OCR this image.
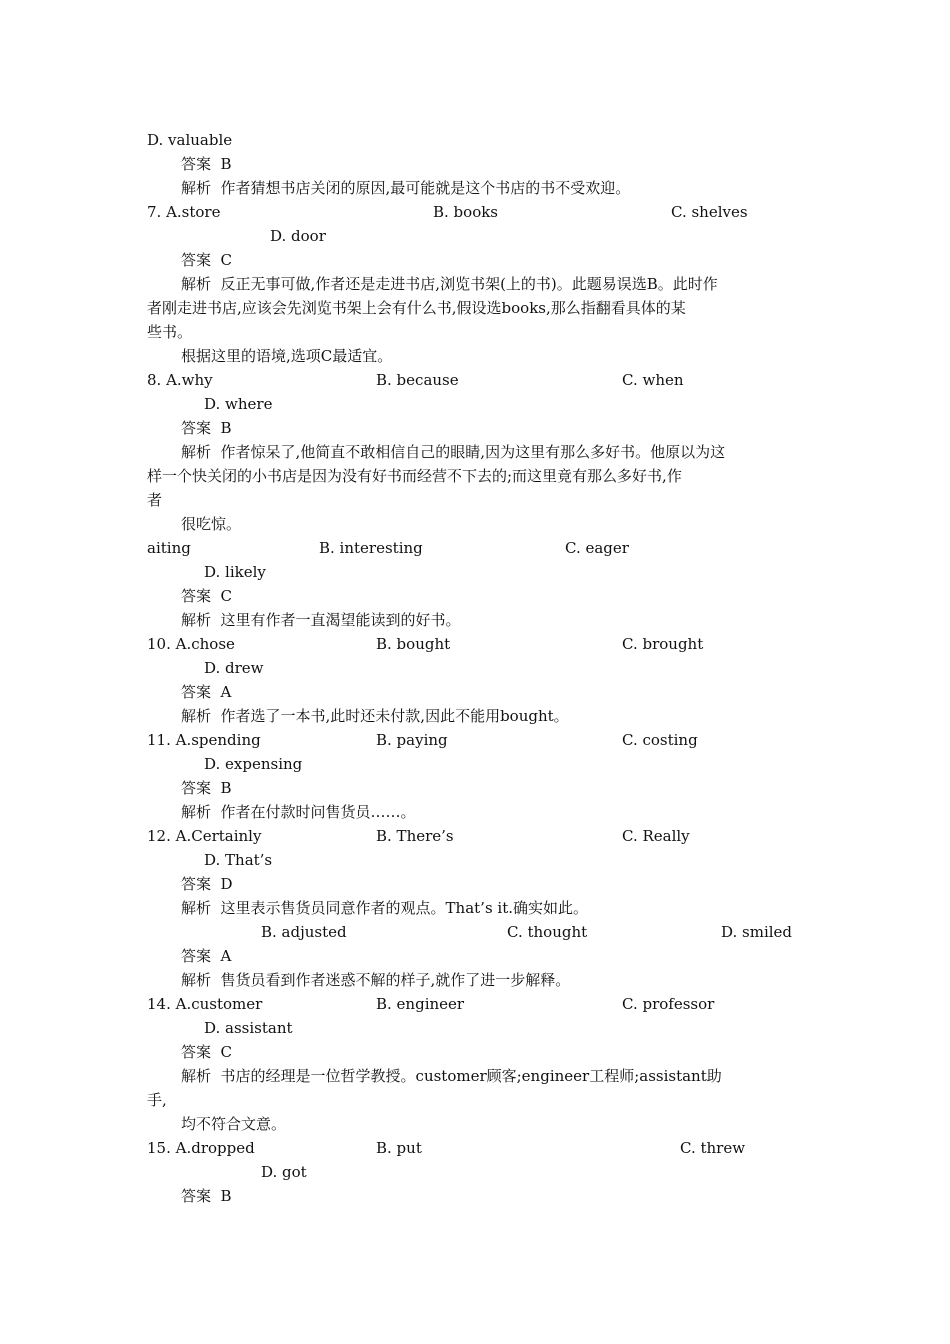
D. valuable
答案  B
解析  作者猜想书店关闭的原因,最可能就是这个书店的书不受欢迎。
7. A.store	B. books	C. shelves
D. door
答案  C
解析  反正无事可做,作者还是走进书店,浏览书架(上的书)。此题易误选B。此时作
者刚走进书店,应该会先浏览书架上会有什么书,假设选books,那么指翻看具体的某
些书。
根据这里的语境,选项C最适宜。
8. A.why	B. because	C. when
D. where
答案  B
解析  作者惊呆了,他简直不敢相信自己的眼睛,因为这里有那么多好书。他原以为这
样一个快关闭的小书店是因为没有好书而经营不下去的;而这里竟有那么多好书,作
者
很吃惊。
aiting	B. interesting	C. eager
D. likely
答案  C
解析  这里有作者一直渴望能读到的好书。
10. A.chose	B. bought	C. brought
D. drew
答案  A
解析  作者选了一本书,此时还未付款,因此不能用bought。
11. A.spending	B. paying	C. costing
D. expensing
答案  B
解析  作者在付款时问售货员……。
12. A.Certainly	B. There’s	C. Really
D. That’s
答案  D
解析  这里表示售货员同意作者的观点。That’s it.确实如此。
B. adjusted	C. thought	D. smiled
答案  A
解析  售货员看到作者迷惑不解的样子,就作了进一步解释。
14. A.customer	B. engineer	C. professor
D. assistant
答案  C
解析  书店的经理是一位哲学教授。customer顾客;engineer工程师;assistant助
手,
均不符合文意。
15. A.dropped	B. put	C. threw
D. got
答案  B
